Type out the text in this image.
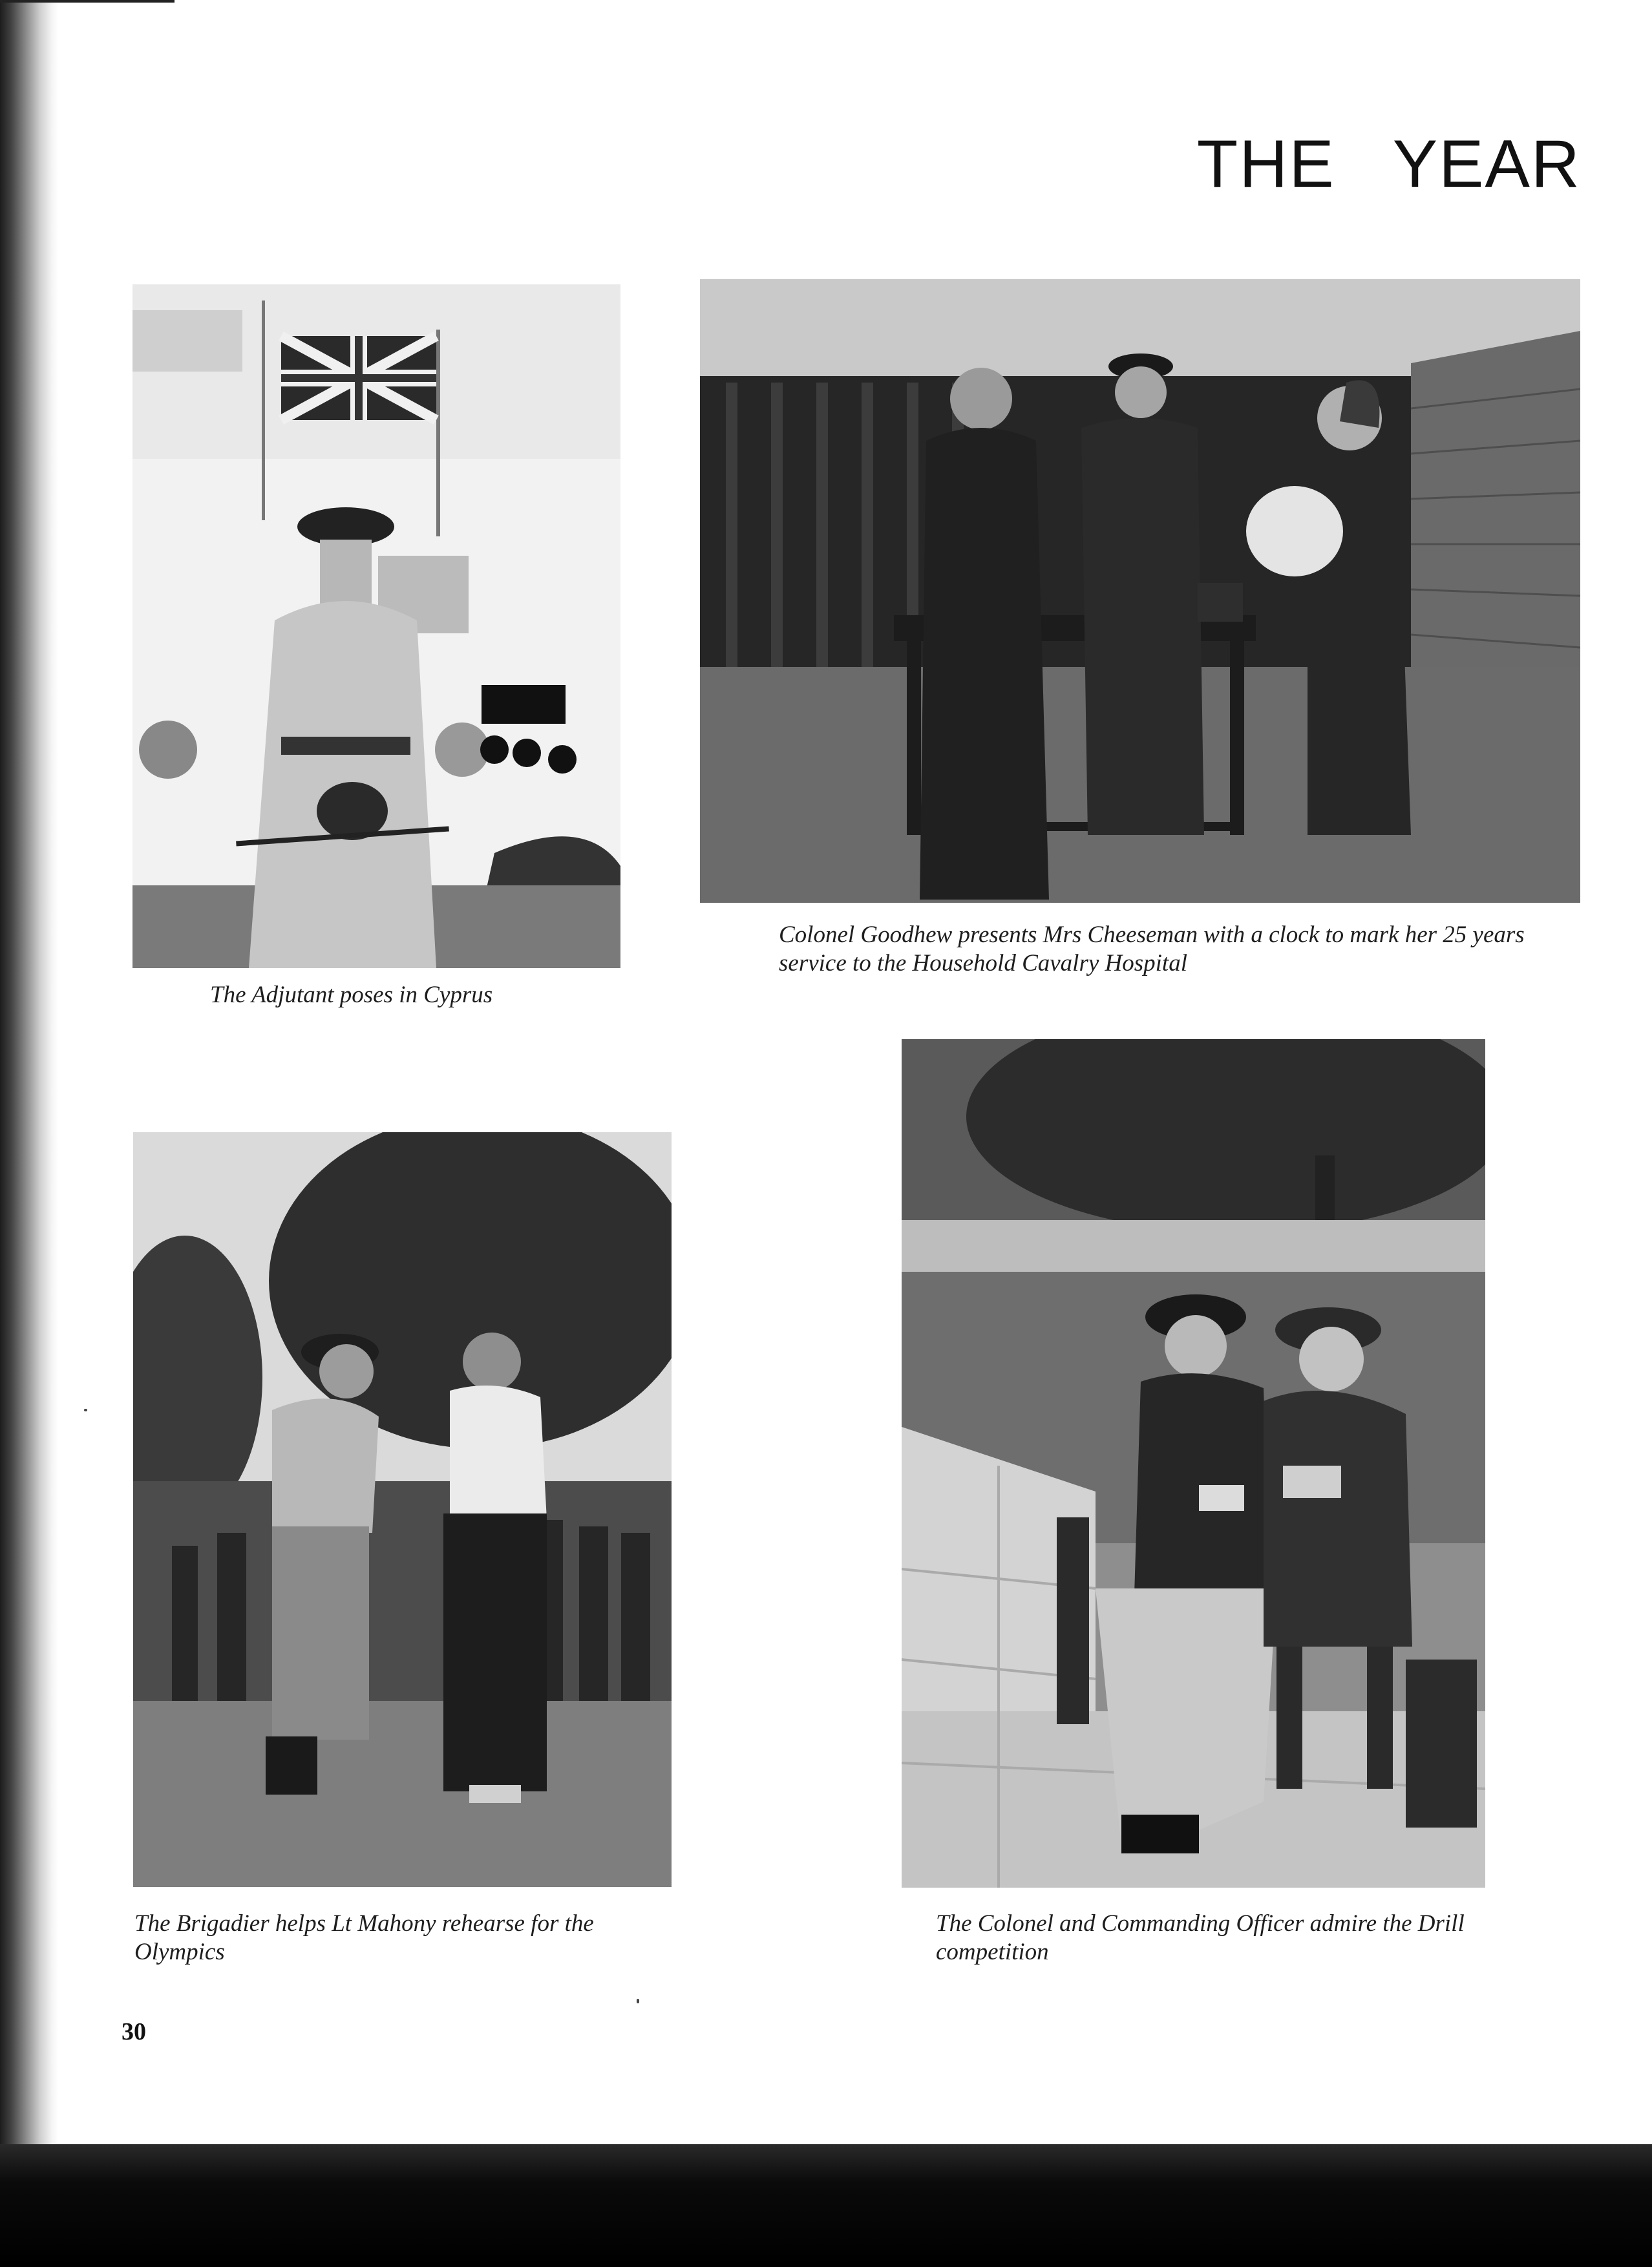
THE YEAR
The Adjutant poses in Cyprus
Colonel Goodhew presents Mrs Cheeseman with a clock to mark her 25 years service to the Household Cavalry Hospital
The Brigadier helps Lt Mahony rehearse for the Olympics
The Colonel and Commanding Officer admire the Drill competition
30
